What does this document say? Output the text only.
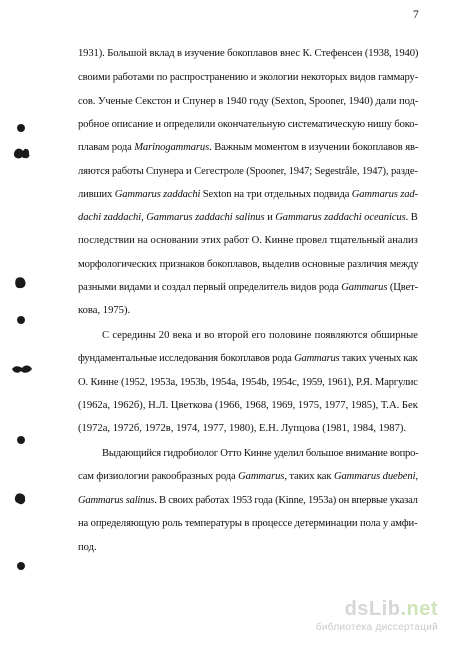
7
1931). Большой вклад в изучение бокоплавов внес К. Стефенсен (1938, 1940)
своими работами по распространению и экологии некоторых видов гаммару-
сов. Ученые Секстон и Спунер в 1940 году (Sexton, Spooner, 1940) дали под-
робное описание и определили окончательную систематическую нишу боко-
плавам рода Marinogammarus. Важным моментом в изучении бокоплавов яв-
ляются работы Спунера и Сегестроле (Spooner, 1947; Segestråle, 1947), разде-
ливших Gammarus zaddachi Sexton на три отдельных подвида Gammarus zad-
dachi zaddachi, Gammarus zaddachi salinus и Gammarus zaddachi oceanicus. В
последствии на основании этих работ О. Кинне провел тщательный анализ
морфологических признаков бокоплавов, выделив основные различия между
разными видами и создал первый определитель видов рода Gammarus (Цвет-
кова, 1975).
С середины 20 века и во второй его половине появляются обширные
фундаментальные исследования бокоплавов рода Gammarus таких ученых как
О. Кинне (1952, 1953a, 1953b, 1954a, 1954b, 1954c, 1959, 1961), Р.Я. Маргулис
(1962a, 1962б), Н.Л. Цветкова (1966, 1968, 1969, 1975, 1977, 1985), Т.А. Бек
(1972a, 1972б, 1972в, 1974, 1977, 1980), Е.Н. Лупцова (1981, 1984, 1987).
Выдающийся гидробиолог Отто Кинне уделил большое внимание вопро-
сам физиологии ракообразных рода Gammarus, таких как Gammarus duebeni,
Gammarus salinus. В своих работах 1953 года (Kinne, 1953a) он впервые указал
на определяющую роль температуры в процессе детерминации пола у амфи-
под.
dsLib.net
библиотека диссертаций
